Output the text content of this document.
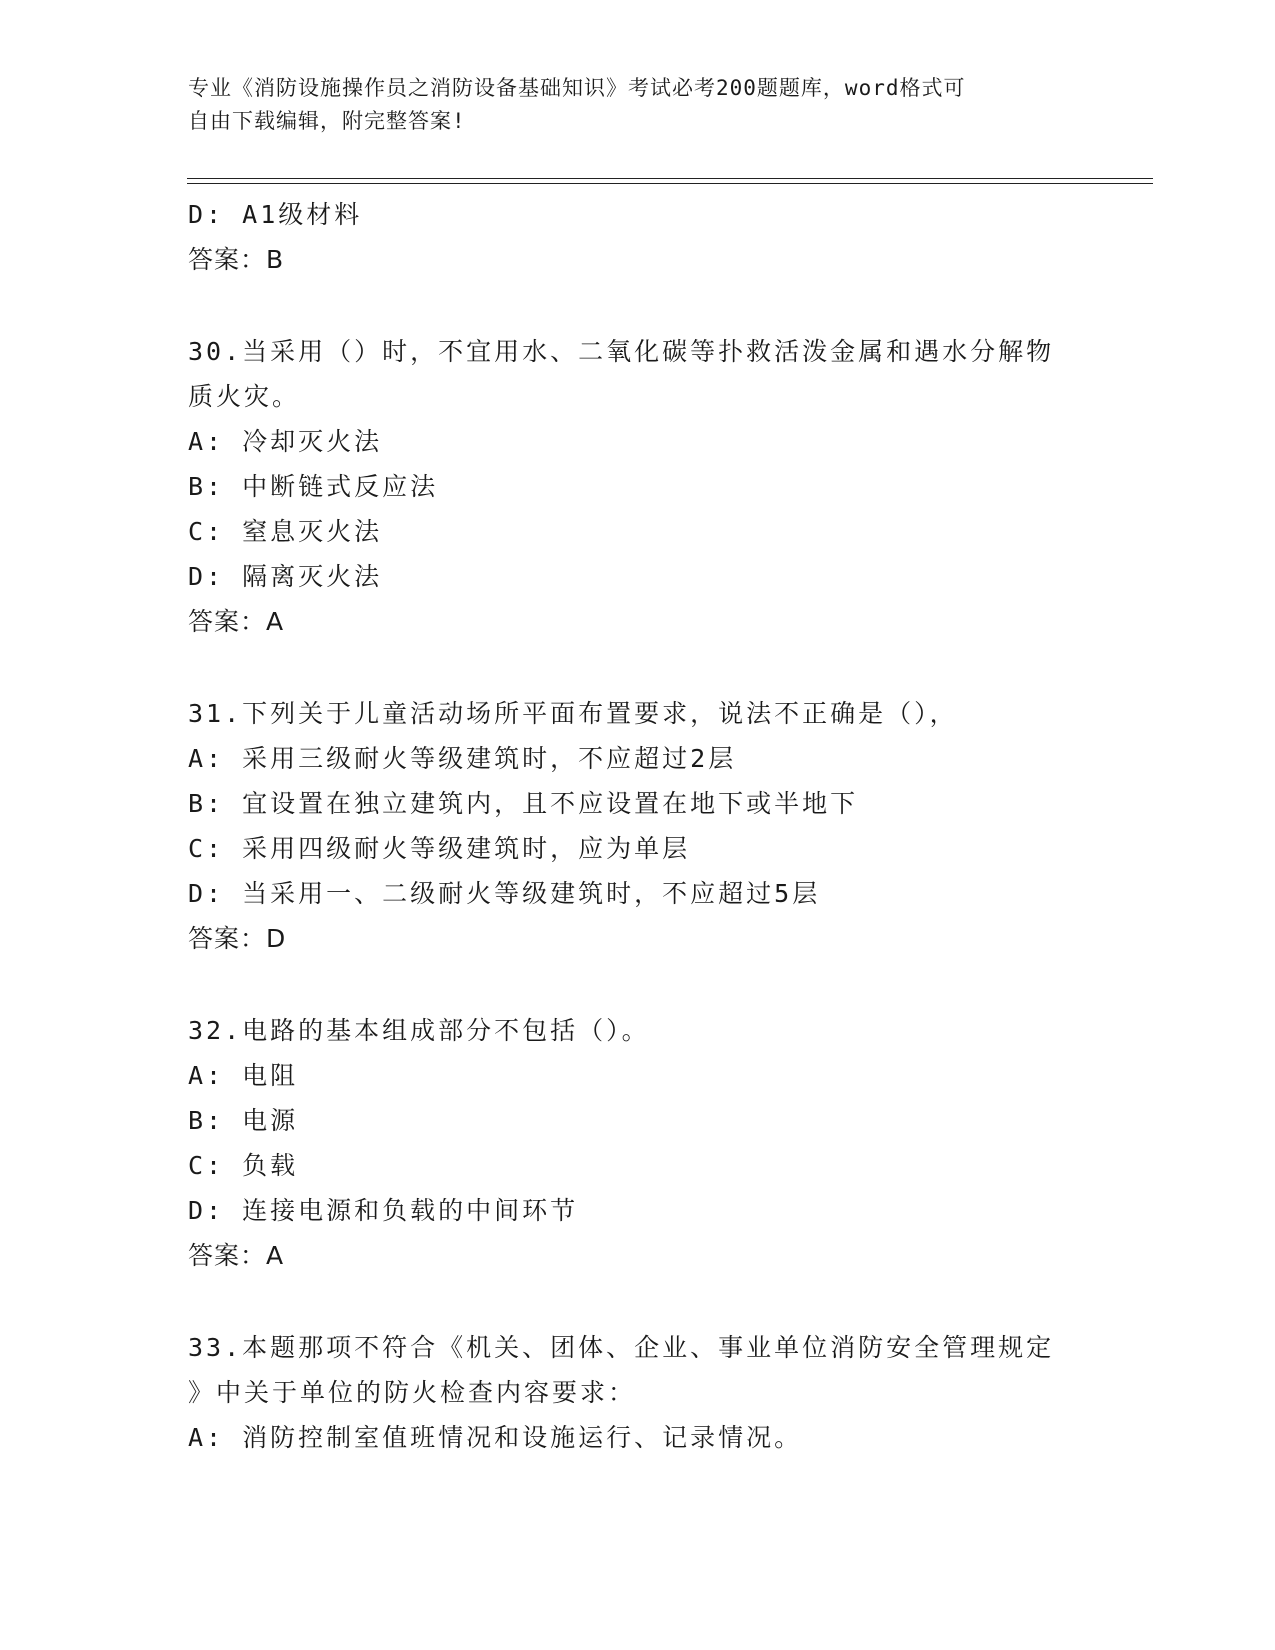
专业《消防设施操作员之消防设备基础知识》考试必考200题题库，word格式可
自由下载编辑，附完整答案!
D: A1级材料
答案：B
30.当采用（）时，不宜用水、二氧化碳等扑救活泼金属和遇水分解物
质火灾。
A: 冷却灭火法
B: 中断链式反应法
C: 窒息灭火法
D: 隔离灭火法
答案：A
31.下列关于儿童活动场所平面布置要求，说法不正确是（），
A: 采用三级耐火等级建筑时，不应超过2层
B: 宜设置在独立建筑内，且不应设置在地下或半地下
C: 采用四级耐火等级建筑时，应为单层
D: 当采用一、二级耐火等级建筑时，不应超过5层
答案：D
32.电路的基本组成部分不包括（）。
A: 电阻
B: 电源
C: 负载
D: 连接电源和负载的中间环节
答案：A
33.本题那项不符合《机关、团体、企业、事业单位消防安全管理规定
》中关于单位的防火检查内容要求：
A: 消防控制室值班情况和设施运行、记录情况。
